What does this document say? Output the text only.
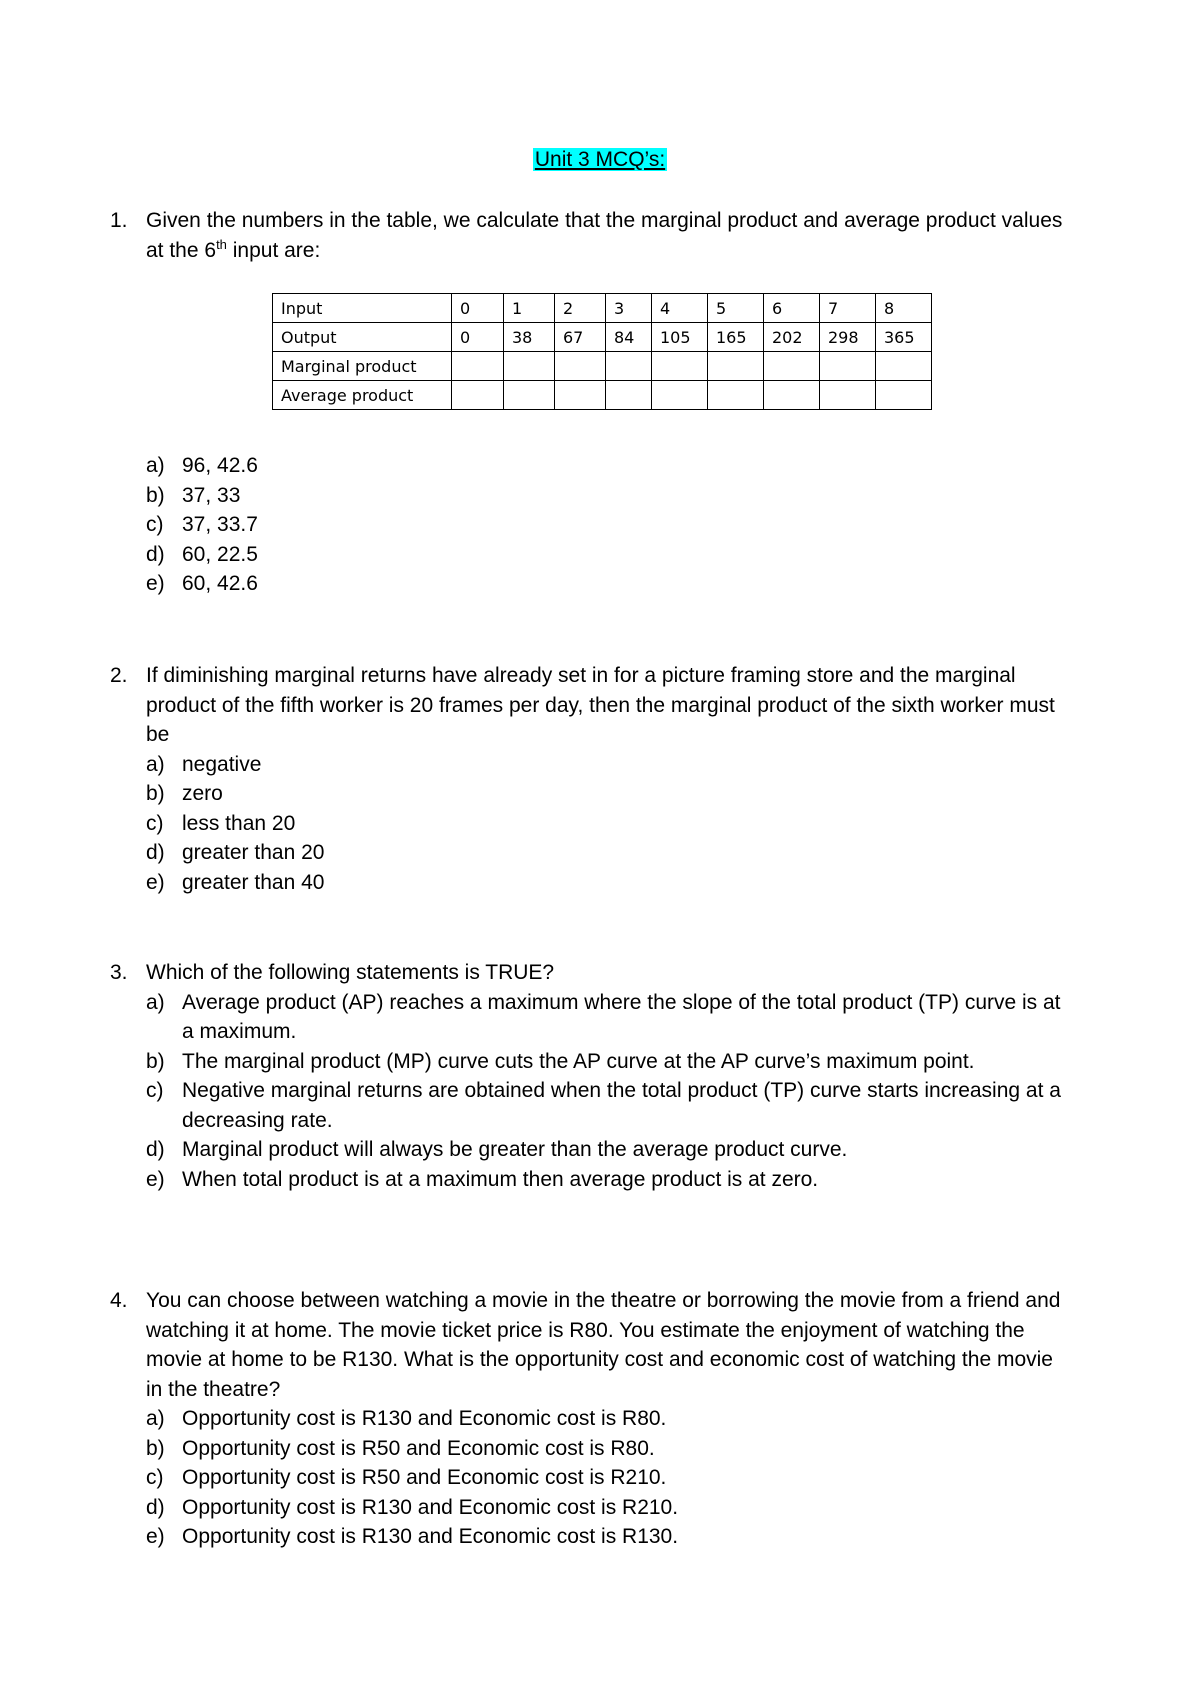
Unit 3 MCQ’s:
1. Given the numbers in the table, we calculate that the marginal product and average product values at the 6th input are:
Input	0	1	2	3	4	5	6	7	8
Output	0	38	67	84	105	165	202	298	365
Marginal product									
Average product									
a) 96, 42.6
b) 37, 33
c) 37, 33.7
d) 60, 22.5
e) 60, 42.6
2. If diminishing marginal returns have already set in for a picture framing store and the marginal product of the fifth worker is 20 frames per day, then the marginal product of the sixth worker must be
a) negative
b) zero
c) less than 20
d) greater than 20
e) greater than 40
3. Which of the following statements is TRUE?
a) Average product (AP) reaches a maximum where the slope of the total product (TP) curve is at a maximum.
b) The marginal product (MP) curve cuts the AP curve at the AP curve’s maximum point.
c) Negative marginal returns are obtained when the total product (TP) curve starts increasing at a decreasing rate.
d) Marginal product will always be greater than the average product curve.
e) When total product is at a maximum then average product is at zero.
4. You can choose between watching a movie in the theatre or borrowing the movie from a friend and watching it at home. The movie ticket price is R80. You estimate the enjoyment of watching the movie at home to be R130. What is the opportunity cost and economic cost of watching the movie in the theatre?
a) Opportunity cost is R130 and Economic cost is R80.
b) Opportunity cost is R50 and Economic cost is R80.
c) Opportunity cost is R50 and Economic cost is R210.
d) Opportunity cost is R130 and Economic cost is R210.
e) Opportunity cost is R130 and Economic cost is R130.
